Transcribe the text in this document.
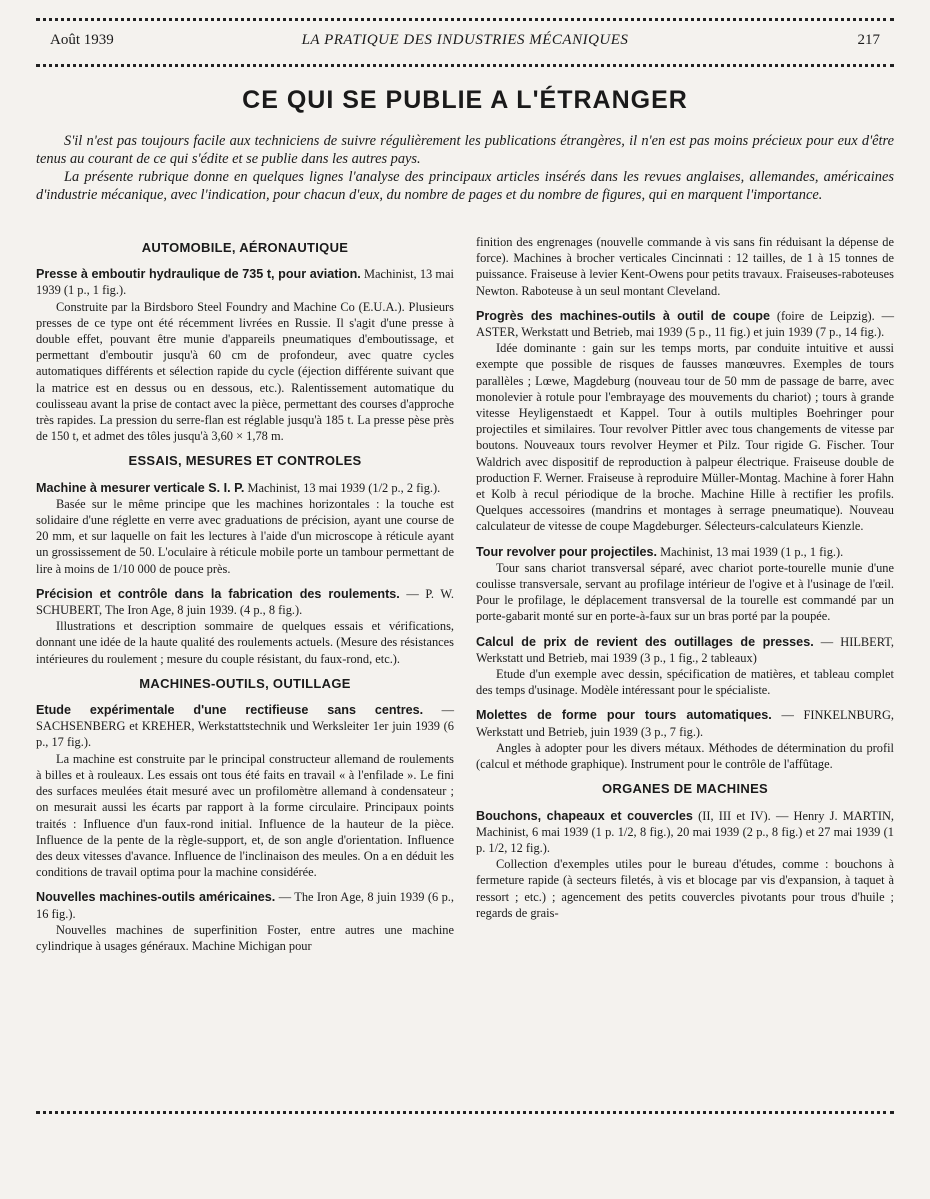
Août 1939	LA PRATIQUE DES INDUSTRIES MÉCANIQUES	217
CE QUI SE PUBLIE A L'ÉTRANGER

S'il n'est pas toujours facile aux techniciens de suivre régulièrement les publications étrangères, il n'en est pas moins précieux pour eux d'être tenus au courant de ce qui s'édite et se publie dans les autres pays.

La présente rubrique donne en quelques lignes l'analyse des principaux articles insérés dans les revues anglaises, allemandes, américaines d'industrie mécanique, avec l'indication, pour chacun d'eux, du nombre de pages et du nombre de figures, qui en marquent l'importance.

AUTOMOBILE, AÉRONAUTIQUE

Presse à emboutir hydraulique de 735 t, pour aviation. Machinist, 13 mai 1939 (1 p., 1 fig.).

Construite par la Birdsboro Steel Foundry and Machine Co (E.U.A.). Plusieurs presses de ce type ont été récemment livrées en Russie. Il s'agit d'une presse à double effet, pouvant être munie d'appareils pneumatiques d'emboutissage, et permettant d'emboutir jusqu'à 60 cm de profondeur, avec quatre cycles automatiques différents et sélection rapide du cycle (éjection différente suivant que la matrice est en dessus ou en dessous, etc.). Ralentissement automatique du coulisseau avant la prise de contact avec la pièce, permettant des courses d'approche très rapides. La pression du serre-flan est réglable jusqu'à 185 t. La presse pèse près de 150 t, et admet des tôles jusqu'à 3,60 × 1,78 m.

ESSAIS, MESURES ET CONTROLES

Machine à mesurer verticale S. I. P. Machinist, 13 mai 1939 (1/2 p., 2 fig.).

Basée sur le même principe que les machines horizontales : la touche est solidaire d'une réglette en verre avec graduations de précision, ayant une course de 20 mm, et sur laquelle on fait les lectures à l'aide d'un microscope à réticule ayant un grossissement de 50. L'oculaire à réticule mobile porte un tambour permettant de lire à moins de 1/10 000 de pouce près.

Précision et contrôle dans la fabrication des roulements. — P. W. SCHUBERT, The Iron Age, 8 juin 1939. (4 p., 8 fig.).

Illustrations et description sommaire de quelques essais et vérifications, donnant une idée de la haute qualité des roulements actuels. (Mesure des résistances intérieures du roulement ; mesure du couple résistant, du faux-rond, etc.).

MACHINES-OUTILS, OUTILLAGE

Etude expérimentale d'une rectifieuse sans centres. — SACHSENBERG et KREHER, Werkstattstechnik und Werksleiter 1er juin 1939 (6 p., 17 fig.).

La machine est construite par le principal constructeur allemand de roulements à billes et à rouleaux. Les essais ont tous été faits en travail « à l'enfilade ». Le fini des surfaces meulées était mesuré avec un profilomètre allemand à condensateur ; on mesurait aussi les écarts par rapport à la forme circulaire. Principaux points traités : Influence d'un faux-rond initial. Influence de la hauteur de la pièce. Influence de la pente de la règle-support, et, de son angle d'orientation. Influence des deux vitesses d'avance. Influence de l'inclinaison des meules. On a en déduit les conditions de travail optima pour la machine considérée.

Nouvelles machines-outils américaines. — The Iron Age, 8 juin 1939 (6 p., 16 fig.).

Nouvelles machines de superfinition Foster, entre autres une machine cylindrique à usages généraux. Machine Michigan pour

finition des engrenages (nouvelle commande à vis sans fin réduisant la dépense de force). Machines à brocher verticales Cincinnati : 12 tailles, de 1 à 15 tonnes de puissance. Fraiseuse à levier Kent-Owens pour petits travaux. Fraiseuses-raboteuses Newton. Raboteuse à un seul montant Cleveland.

Progrès des machines-outils à outil de coupe (foire de Leipzig). — ASTER, Werkstatt und Betrieb, mai 1939 (5 p., 11 fig.) et juin 1939 (7 p., 14 fig.).

Idée dominante : gain sur les temps morts, par conduite intuitive et aussi exempte que possible de risques de fausses manœuvres. Exemples de tours parallèles ; Lœwe, Magdeburg (nouveau tour de 50 mm de passage de barre, avec monolevier à rotule pour l'embrayage des mouvements du chariot) ; tours à grande vitesse Heyligenstaedt et Kappel. Tour à outils multiples Boehringer pour projectiles et similaires. Tour revolver Pittler avec tous changements de vitesse par boutons. Nouveaux tours revolver Heymer et Pilz. Tour rigide G. Fischer. Tour Waldrich avec dispositif de reproduction à palpeur électrique. Fraiseuse double de production F. Werner. Fraiseuse à reproduire Müller-Montag. Machine à forer Hahn et Kolb à recul périodique de la broche. Machine Hille à rectifier les profils. Quelques accessoires (mandrins et montages à serrage pneumatique). Nouveau calculateur de vitesse de coupe Magdeburger. Sélecteurs-calculateurs Kienzle.

Tour revolver pour projectiles. Machinist, 13 mai 1939 (1 p., 1 fig.).

Tour sans chariot transversal séparé, avec chariot porte-tourelle munie d'une coulisse transversale, servant au profilage intérieur de l'ogive et à l'usinage de l'œil. Pour le profilage, le déplacement transversal de la tourelle est commandé par un porte-gabarit monté sur en porte-à-faux sur un bras porté par la poupée.

Calcul de prix de revient des outillages de presses. — HILBERT, Werkstatt und Betrieb, mai 1939 (3 p., 1 fig., 2 tableaux)

Etude d'un exemple avec dessin, spécification de matières, et tableau complet des temps d'usinage. Modèle intéressant pour le spécialiste.

Molettes de forme pour tours automatiques. — FINKELNBURG, Werkstatt und Betrieb, juin 1939 (3 p., 7 fig.).

Angles à adopter pour les divers métaux. Méthodes de détermination du profil (calcul et méthode graphique). Instrument pour le contrôle de l'affûtage.

ORGANES DE MACHINES

Bouchons, chapeaux et couvercles (II, III et IV). — Henry J. MARTIN, Machinist, 6 mai 1939 (1 p. 1/2, 8 fig.), 20 mai 1939 (2 p., 8 fig.) et 27 mai 1939 (1 p. 1/2, 12 fig.).

Collection d'exemples utiles pour le bureau d'études, comme : bouchons à fermeture rapide (à secteurs filetés, à vis et blocage par vis d'expansion, à taquet à ressort ; etc.) ; agencement des petits couvercles pivotants pour trous d'huile ; regards de grais-
